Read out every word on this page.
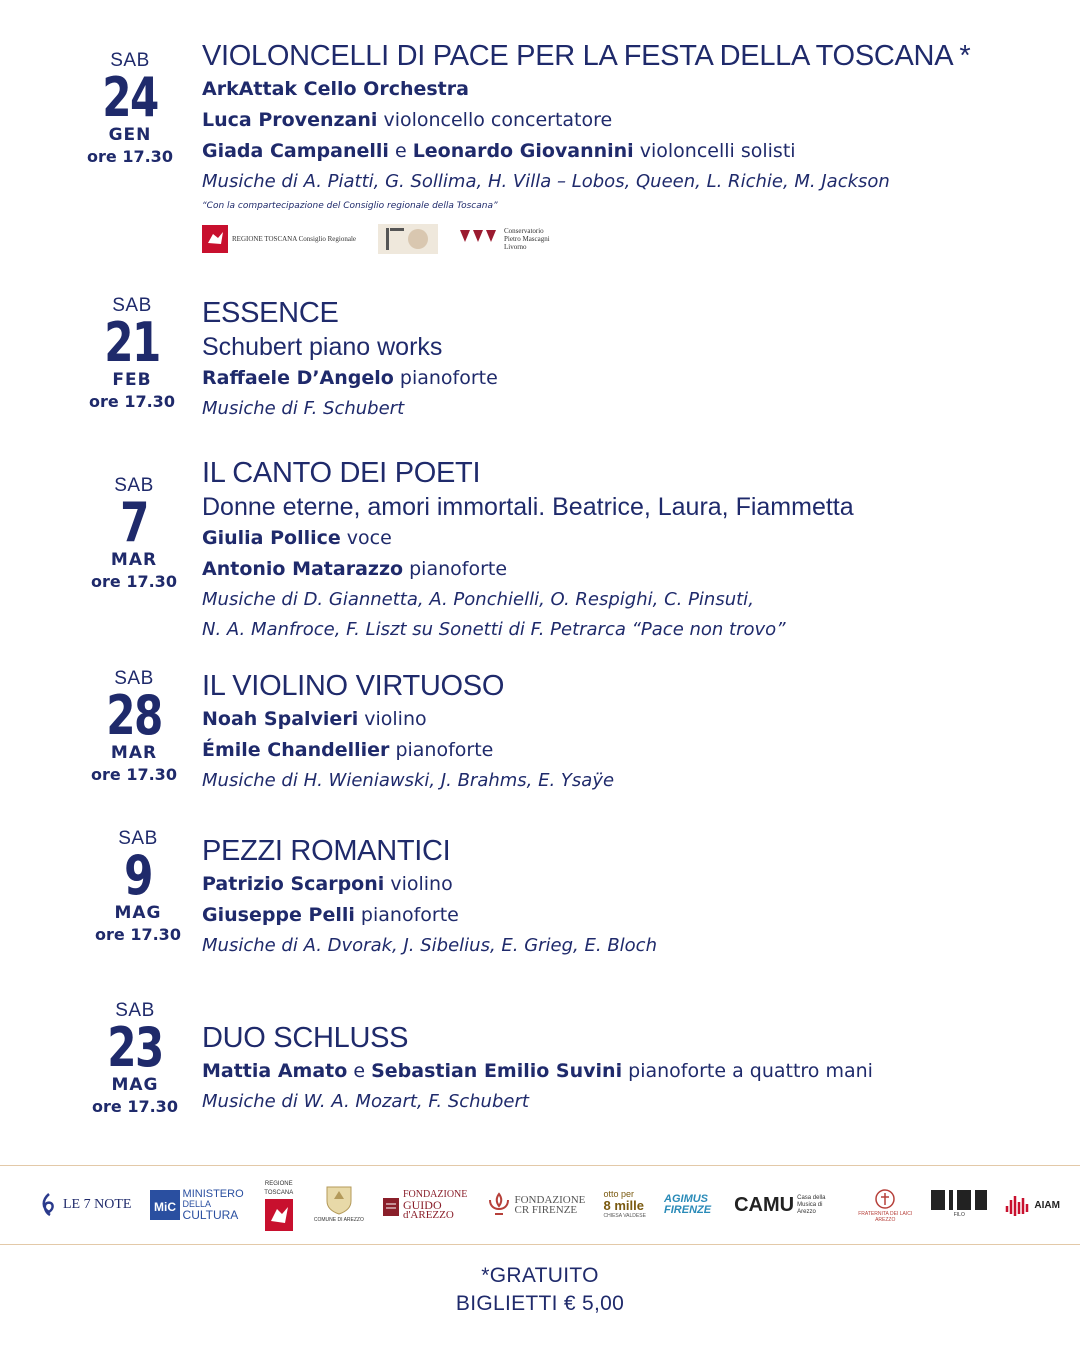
SAB
24
GEN
ore 17.30
VIOLONCELLI DI PACE PER LA FESTA DELLA TOSCANA *
ArkAttak Cello Orchestra
Luca Provenzani violoncello concertatore
Giada Campanelli e Leonardo Giovannini violoncelli solisti
Musiche di A. Piatti, G. Sollima, H. Villa – Lobos, Queen, L. Richie, M. Jackson
“Con la compartecipazione del Consiglio regionale della Toscana”
REGIONE TOSCANA Consiglio Regionale
Conservatorio Pietro Mascagni Livorno
SAB
21
FEB
ore 17.30
ESSENCE
Schubert piano works
Raffaele D’Angelo pianoforte
Musiche di F. Schubert
SAB
7
MAR
ore 17.30
IL CANTO DEI POETI
Donne eterne, amori immortali. Beatrice, Laura, Fiammetta
Giulia Pollice voce
Antonio Matarazzo pianoforte
Musiche di D. Giannetta, A. Ponchielli, O. Respighi, C. Pinsuti,
N. A. Manfroce, F. Liszt su Sonetti di F. Petrarca “Pace non trovo”
SAB
28
MAR
ore 17.30
IL VIOLINO VIRTUOSO
Noah Spalvieri violino
Émile Chandellier pianoforte
Musiche di H. Wieniawski, J. Brahms, E. Ysaÿe
SAB
9
MAG
ore 17.30
PEZZI ROMANTICI
Patrizio Scarponi violino
Giuseppe Pelli pianoforte
Musiche di A. Dvorak, J. Sibelius, E. Grieg, E. Bloch
SAB
23
MAG
ore 17.30
DUO SCHLUSS
Mattia Amato e Sebastian Emilio Suvini pianoforte a quattro mani
Musiche di W. A. Mozart, F. Schubert
LE 7 NOTE MiC
MINISTERO
DELLA
CULTURA
REGIONE TOSCANA
COMUNE DI AREZZO
FONDAZIONE
GUIDO
d'AREZZO
FONDAZIONE
CR FIRENZE
otto per
8 mille
CHIESA VALDESE
AGIMUS FIRENZE CAMU Casa della Musica di Arezzo	FRATERNITA DEI LAICI AREZZO
FILO
AIAM
*GRATUITO
BIGLIETTI € 5,00
